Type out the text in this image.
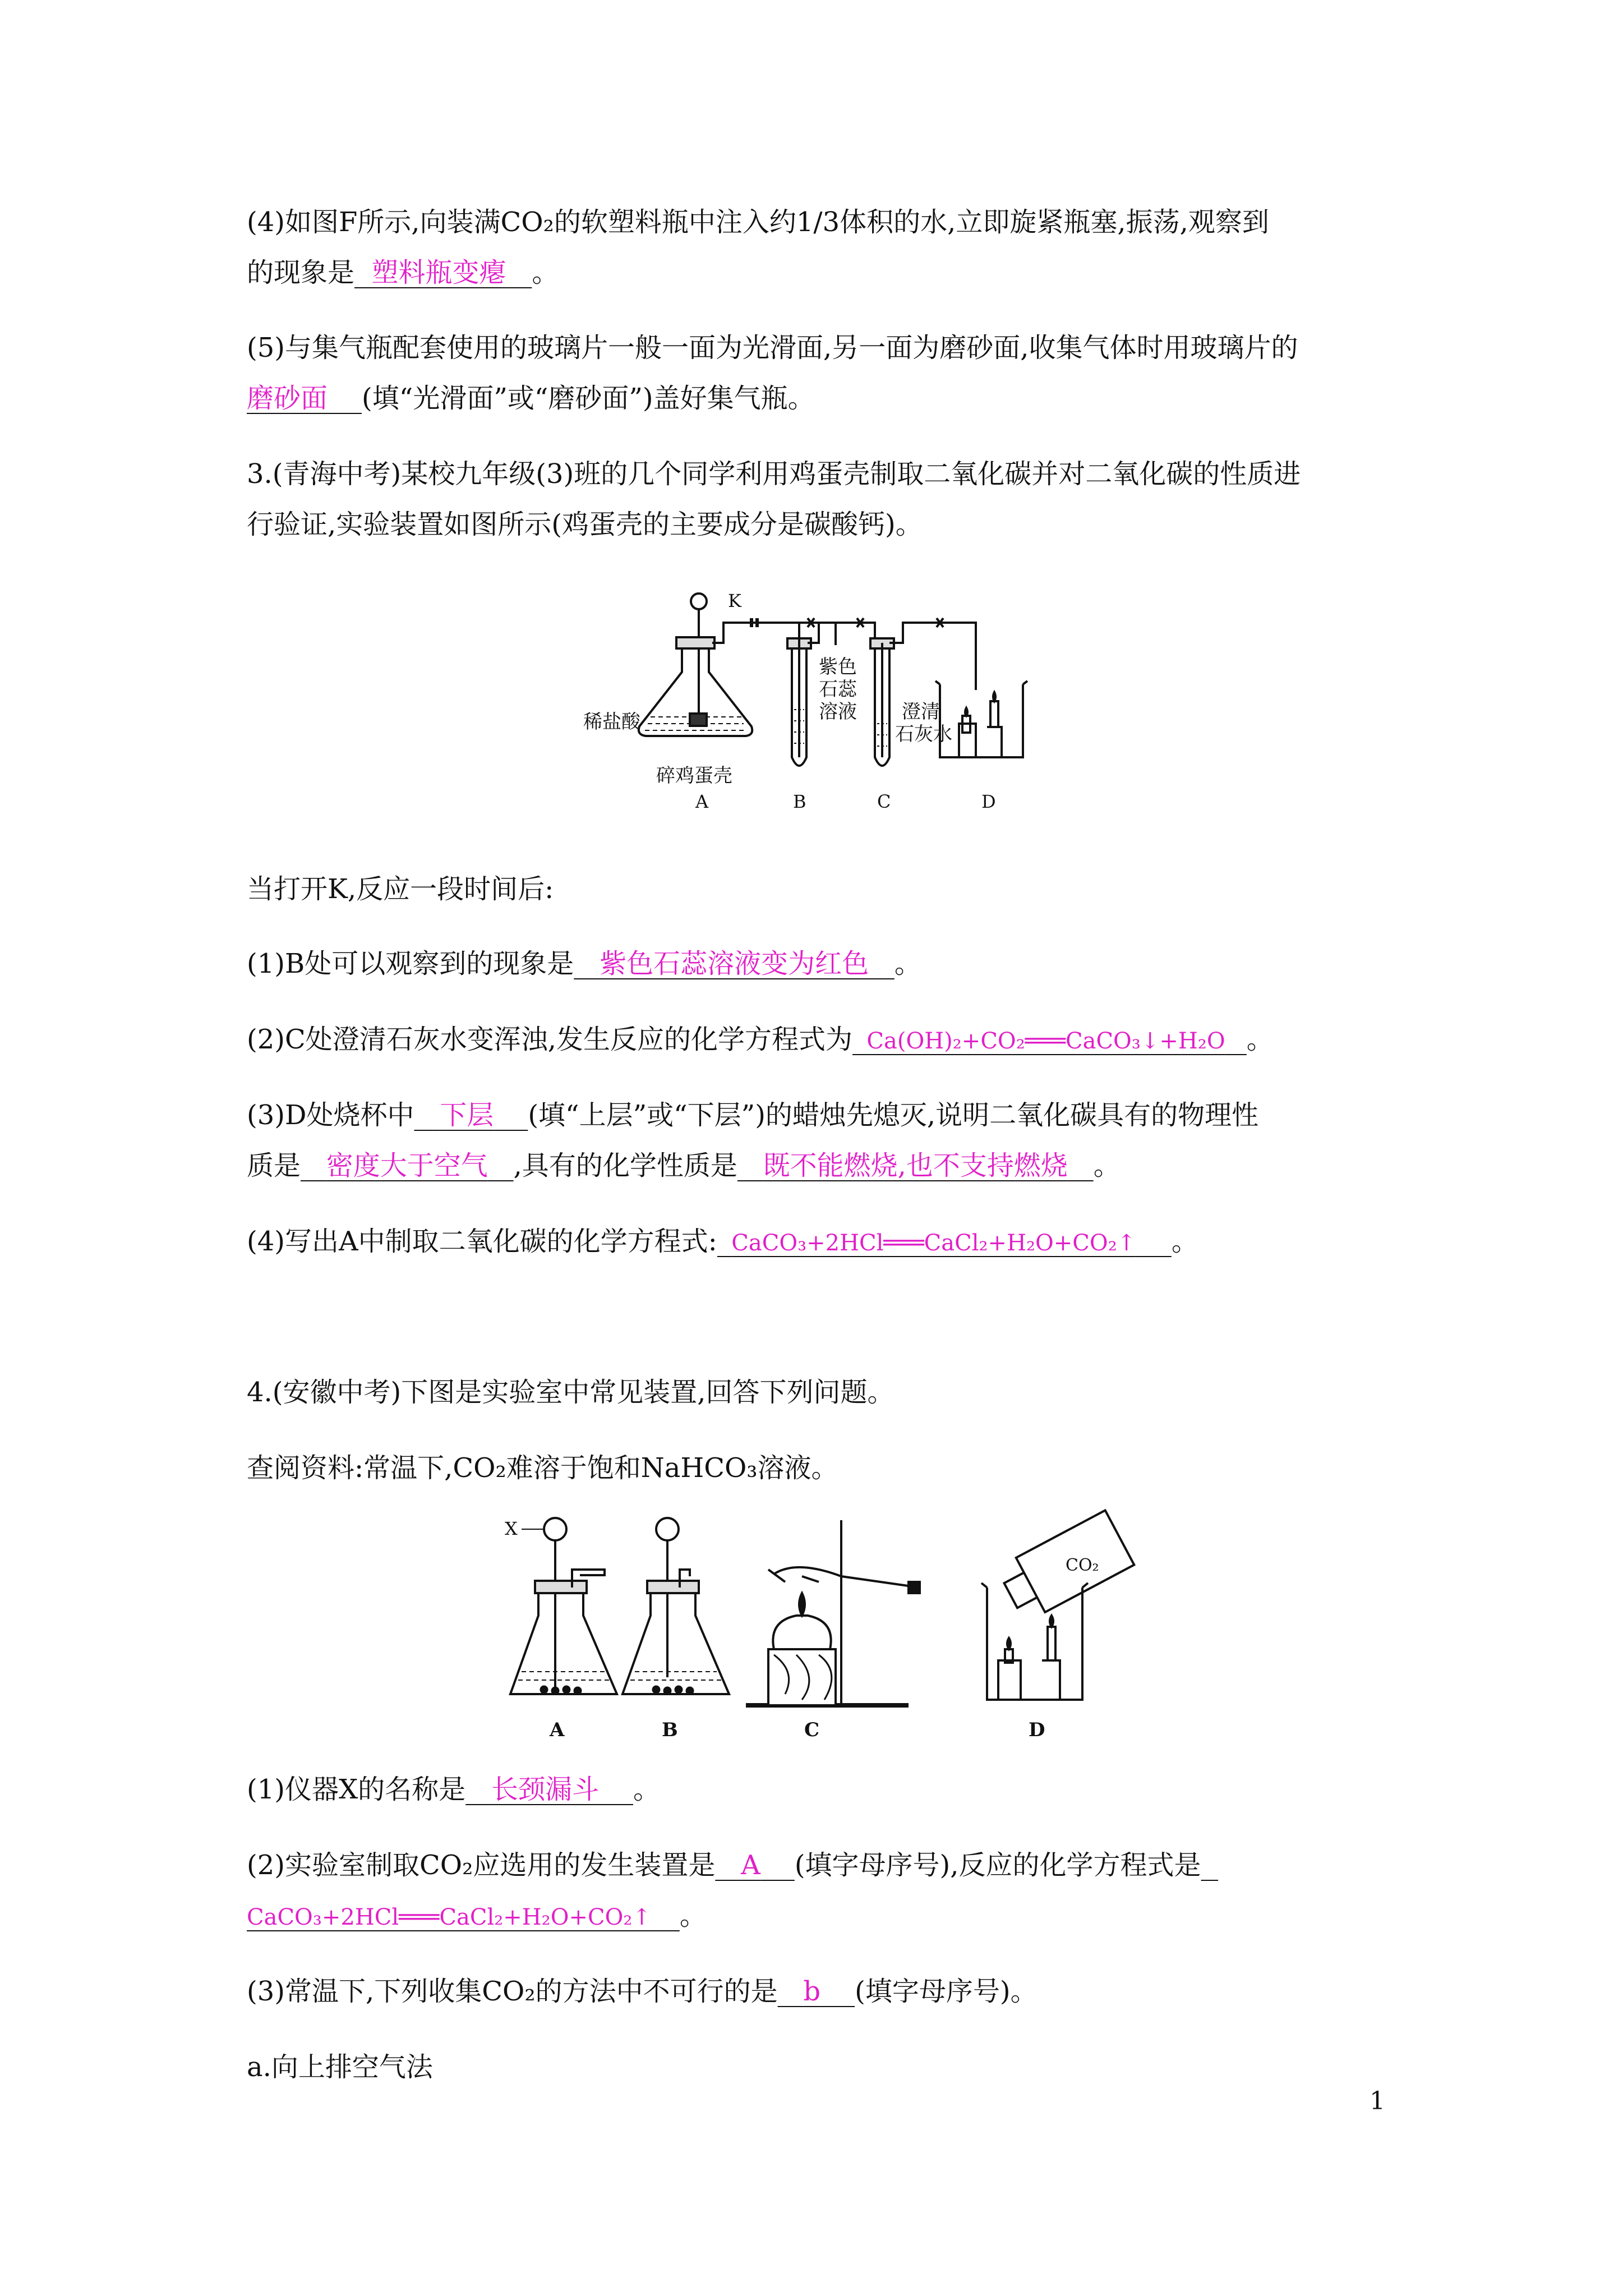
(4)如图F所示,向装满CO₂的软塑料瓶中注入约1/3体积的水,立即旋紧瓶塞,振荡,观察到
的现象是 塑料瓶变瘪 。
(5)与集气瓶配套使用的玻璃片一般一面为光滑面,另一面为磨砂面,收集气体时用玻璃片的
磨砂面 (填“光滑面”或“磨砂面”)盖好集气瓶。
3.(青海中考)某校九年级(3)班的几个同学利用鸡蛋壳制取二氧化碳并对二氧化碳的性质进
行验证,实验装置如图所示(鸡蛋壳的主要成分是碳酸钙)。
K
稀盐酸
碎鸡蛋壳
紫色
石蕊
溶液 澄清
石灰水
A	B	C	D
当打开K,反应一段时间后:
(1)B处可以观察到的现象是 紫色石蕊溶液变为红色 。
(2)C处澄清石灰水变浑浊,发生反应的化学方程式为 Ca(OH)₂+CO₂═══CaCO₃↓+H₂O 。
(3)D处烧杯中 下层 (填“上层”或“下层”)的蜡烛先熄灭,说明二氧化碳具有的物理性
质是 密度大于空气 ,具有的化学性质是 既不能燃烧,也不支持燃烧 。
(4)写出A中制取二氧化碳的化学方程式: CaCO₃+2HCl═══CaCl₂+H₂O+CO₂↑ 。
4.(安徽中考)下图是实验室中常见装置,回答下列问题。
查阅资料:常温下,CO₂难溶于饱和NaHCO₃溶液。
X
CO₂
A	B	C	D
(1)仪器X的名称是 长颈漏斗 。
(2)实验室制取CO₂应选用的发生装置是 A (填字母序号),反应的化学方程式是
CaCO₃+2HCl═══CaCl₂+H₂O+CO₂↑ 。
(3)常温下,下列收集CO₂的方法中不可行的是 b (填字母序号)。
a.向上排空气法
1
